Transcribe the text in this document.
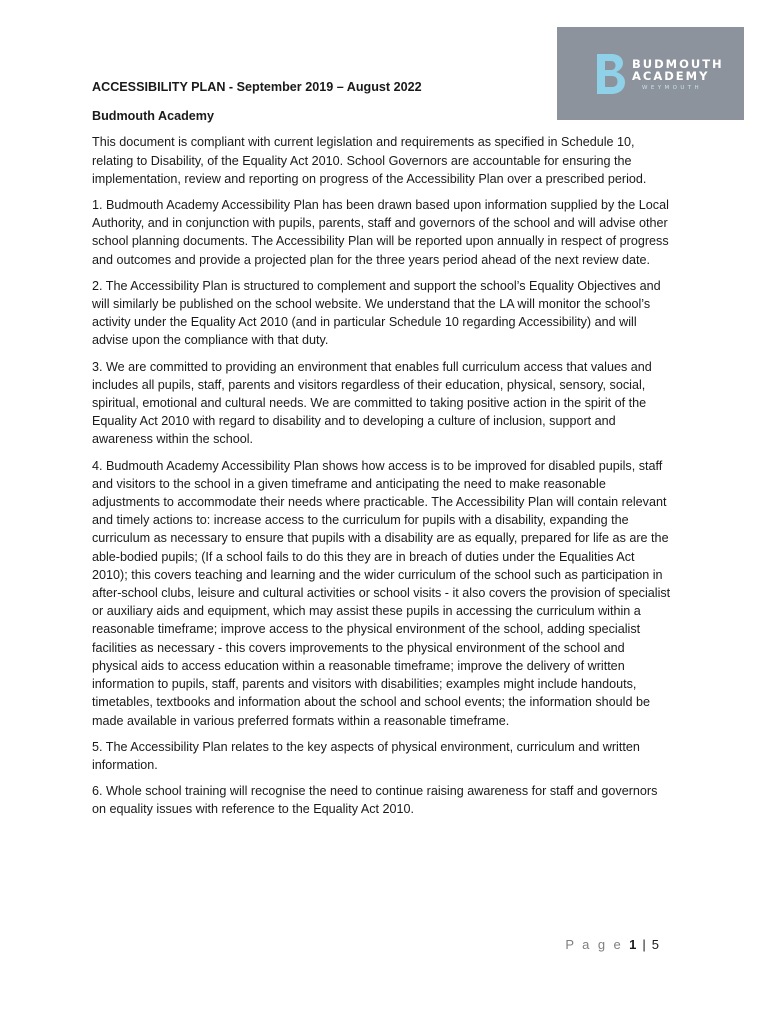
BUDMOUTH
ACADEMY
WEYMOUTH
ACCESSIBILITY PLAN - September 2019 – August 2022
Budmouth Academy
This document is compliant with current legislation and requirements as specified in Schedule 10, relating to Disability, of the Equality Act 2010. School Governors are accountable for ensuring the implementation, review and reporting on progress of the Accessibility Plan over a prescribed period.
1. Budmouth Academy Accessibility Plan has been drawn based upon information supplied by the Local Authority, and in conjunction with pupils, parents, staff and governors of the school and will advise other school planning documents. The Accessibility Plan will be reported upon annually in respect of progress and outcomes and provide a projected plan for the three years period ahead of the next review date.
2. The Accessibility Plan is structured to complement and support the school’s Equality Objectives and will similarly be published on the school website. We understand that the LA will monitor the school’s activity under the Equality Act 2010 (and in particular Schedule 10 regarding Accessibility) and will advise upon the compliance with that duty.
3. We are committed to providing an environment that enables full curriculum access that values and includes all pupils, staff, parents and visitors regardless of their education, physical, sensory, social, spiritual, emotional and cultural needs. We are committed to taking positive action in the spirit of the Equality Act 2010 with regard to disability and to developing a culture of inclusion, support and awareness within the school.
4. Budmouth Academy Accessibility Plan shows how access is to be improved for disabled pupils, staff and visitors to the school in a given timeframe and anticipating the need to make reasonable adjustments to accommodate their needs where practicable. The Accessibility Plan will contain relevant and timely actions to: increase access to the curriculum for pupils with a disability, expanding the curriculum as necessary to ensure that pupils with a disability are as equally, prepared for life as are the able-bodied pupils; (If a school fails to do this they are in breach of duties under the Equalities Act 2010); this covers teaching and learning and the wider curriculum of the school such as participation in after-school clubs, leisure and cultural activities or school visits - it also covers the provision of specialist or auxiliary aids and equipment, which may assist these pupils in accessing the curriculum within a reasonable timeframe; improve access to the physical environment of the school, adding specialist facilities as necessary - this covers improvements to the physical environment of the school and physical aids to access education within a reasonable timeframe; improve the delivery of written information to pupils, staff, parents and visitors with disabilities; examples might include handouts, timetables, textbooks and information about the school and school events; the information should be made available in various preferred formats within a reasonable timeframe.
5. The Accessibility Plan relates to the key aspects of physical environment, curriculum and written information.
6. Whole school training will recognise the need to continue raising awareness for staff and governors on equality issues with reference to the Equality Act 2010.
P a g e 1 | 5
